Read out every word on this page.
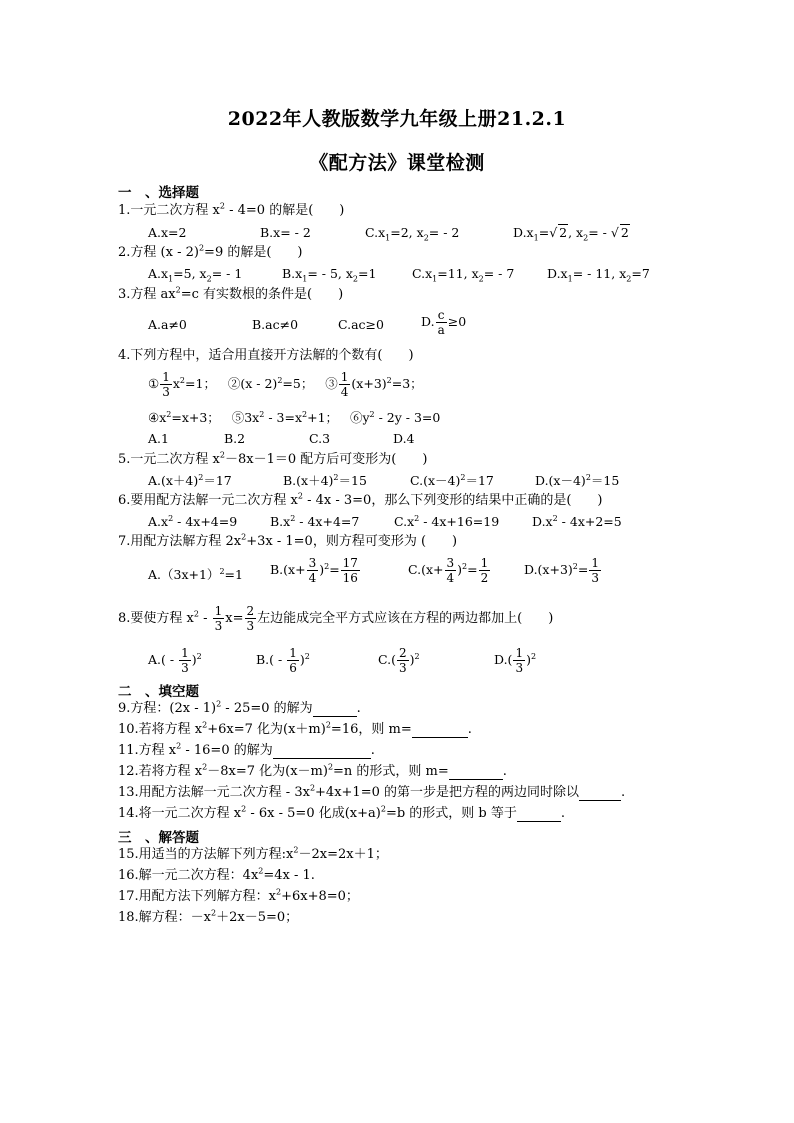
2022年人教版数学九年级上册21.2.1
《配方法》课堂检测
一　、选择题
1.一元二次方程 $x^2 - 4=0$ 的解是(　　)
A.x=2	B.x= - 2	$C.x_1=2$, $x_2= - 2$	$D.x_1=√$ 2, $x_2=$ - √ 2
2.方程 (x - 2)$^2$=9 的解是(　　)
$A.x_1=5$, $x_2= - 1$	$B.x_1= - 5$, $x_2=1$	$C.x_1=11$, $x_2= - 7$	$D.x_1= - 11$, $x_2=7$
3.方程 $ax^2=c$ 有实数根的条件是(　　)
A.a≠0	B.ac≠0	C.ac≥0	D. $\frac{c}{a} \ge 0$
4.下列方程中，适合用直接开方法解的个数有(　　)
① $\frac{1}{3} x^2=1$； ②(x - 2)$^2$=5； ③ $\frac{1}{4} (x+3)^2=3$；
$④x^2=x+3$； $⑤3x^2 - 3=x^2+1$； $⑥y^2 - 2y - 3=0$
A.1	B.2	C.3	D.4
5.一元二次方程 $x^2-8x-1=0$ 配方后可变形为(　　)
$A.(x+4)^2=17$	$B.(x+4)^2=15$	$C.(x-4)^2=17$	$D.(x-4)^2=15$
6.要用配方法解一元二次方程 $x^2 - 4x - 3=0$，那么下列变形的结果中正确的是(　　)
$A.x^2 - 4x+4=9$	$B.x^2 - 4x+4=7$	$C.x^2 - 4x+16=19$	$D.x^2 - 4x+2=5$
7.用配方法解方程 $2x^2+3x - 1=0$，则方程可变形为 (　　)
$A.(3x+1)^2=1$ $B.(x+ \frac{3}{4} )^2= \frac{17}{16}$	$C.(x+ \frac{3}{4} )^2= \frac{1}{2}$	$D.(x+3)^2= \frac{1}{3}$
8.要使方程 $x^2 - \frac{1}{3} x= \frac{2}{3}$ 左边能成完全平方式应该在方程的两边都加上(　　)
$A.( - \frac{1}{3} )^2$	$B.( - \frac{1}{6} )^2$	$C.( \frac{2}{3} )^2$	$D.( \frac{1}{3} )^2$
二　、填空题
9.方程：(2x - 1)$^2$ - 25=0 的解为	.
10.若将方程 $x^2+6x=7$ 化为$(x+m)^2=16$，则 m=	.
11.方程 $x^2 - 16=0$ 的解为	.
12.若将方程 $x^2-8x=7$ 化为$(x-m)^2=n$ 的形式，则 m=	.
13.用配方法解一元二次方程 - $3x^2+4x+1=0$ 的第一步是把方程的两边同时除以	.
14.将一元二次方程 $x^2 - 6x - 5=0$ 化成$(x+a)^2=b$ 的形式，则 b 等于	.
三　、解答题
15.用适当的方法解下列方程$:x^2-2x=2x+1$；
16.解一元二次方程：$4x^2=4x - 1$.
17.用配方法下列解方程：$x^2+6x+8=0$；
18.解方程：$-x^2+2x-5=0$；
